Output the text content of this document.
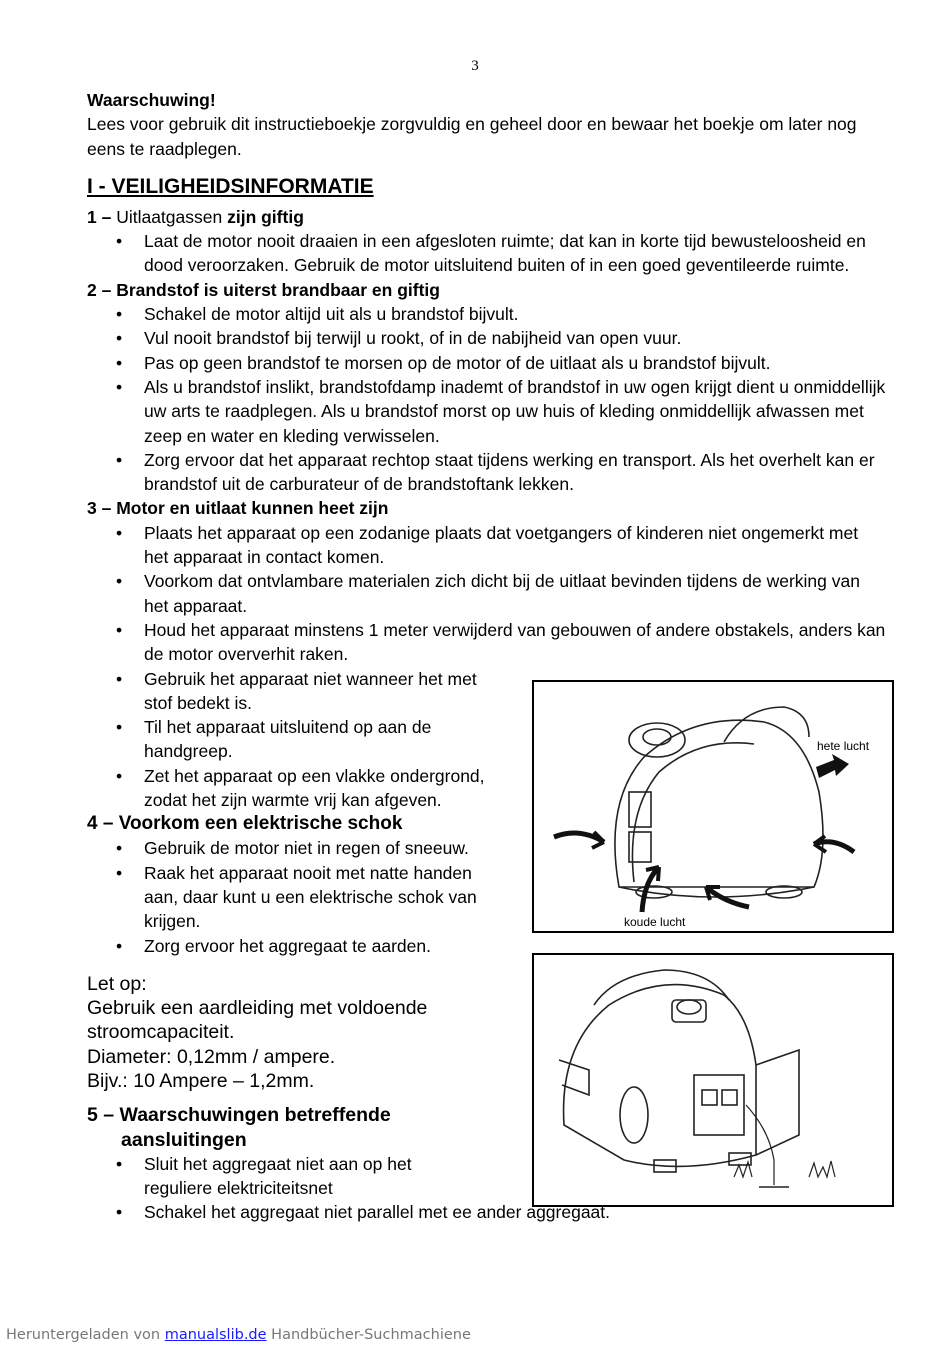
3
Waarschuwing!
Lees voor gebruik dit instructieboekje zorgvuldig en geheel door en bewaar het boekje om later nog eens te raadplegen.
I - VEILIGHEIDSINFORMATIE
1 – Uitlaatgassen zijn giftig
• Laat de motor nooit draaien in een afgesloten ruimte; dat kan in korte tijd bewusteloosheid en dood veroorzaken. Gebruik de motor uitsluitend buiten of in een goed geventileerde ruimte.
2 – Brandstof is uiterst brandbaar en giftig
• Schakel de motor altijd uit als u brandstof bijvult.
• Vul nooit brandstof bij terwijl u rookt, of in de nabijheid van open vuur.
• Pas op geen brandstof te morsen op de motor of de uitlaat als u brandstof bijvult.
• Als u brandstof inslikt, brandstofdamp inademt of brandstof in uw ogen krijgt dient u onmiddellijk uw arts te raadplegen. Als u brandstof morst op uw huis of kleding onmiddellijk afwassen met zeep en water en kleding verwisselen.
• Zorg ervoor dat het apparaat rechtop staat tijdens werking en transport. Als het overhelt kan er brandstof uit de carburateur of de brandstoftank lekken.
3 – Motor en uitlaat kunnen heet zijn
• Plaats het apparaat op een zodanige plaats dat voetgangers of kinderen niet ongemerkt met het apparaat in contact komen.
• Voorkom dat ontvlambare materialen zich dicht bij de uitlaat bevinden tijdens de werking van het apparaat.
• Houd het apparaat minstens 1 meter verwijderd van gebouwen of andere obstakels, anders kan de motor oververhit raken.
• Gebruik het apparaat niet wanneer het met stof bedekt is.
• Til het apparaat uitsluitend op aan de handgreep.
• Zet het apparaat op een vlakke ondergrond, zodat het zijn warmte vrij kan afgeven.
4 – Voorkom een elektrische schok
• Gebruik de motor niet in regen of sneeuw.
• Raak het apparaat nooit met natte handen aan, daar kunt u een elektrische schok van krijgen.
• Zorg ervoor het aggregaat te aarden.
Let op:
Gebruik een aardleiding met voldoende stroomcapaciteit.
Diameter: 0,12mm / ampere.
Bijv.: 10 Ampere – 1,2mm.
5 – Waarschuwingen betreffende
aansluitingen
• Sluit het aggregaat niet aan op het reguliere elektriciteitsnet
• Schakel het aggregaat niet parallel met ee ander aggregaat.
hete lucht
koude lucht
Heruntergeladen von manualslib.de Handbücher-Suchmachiene
